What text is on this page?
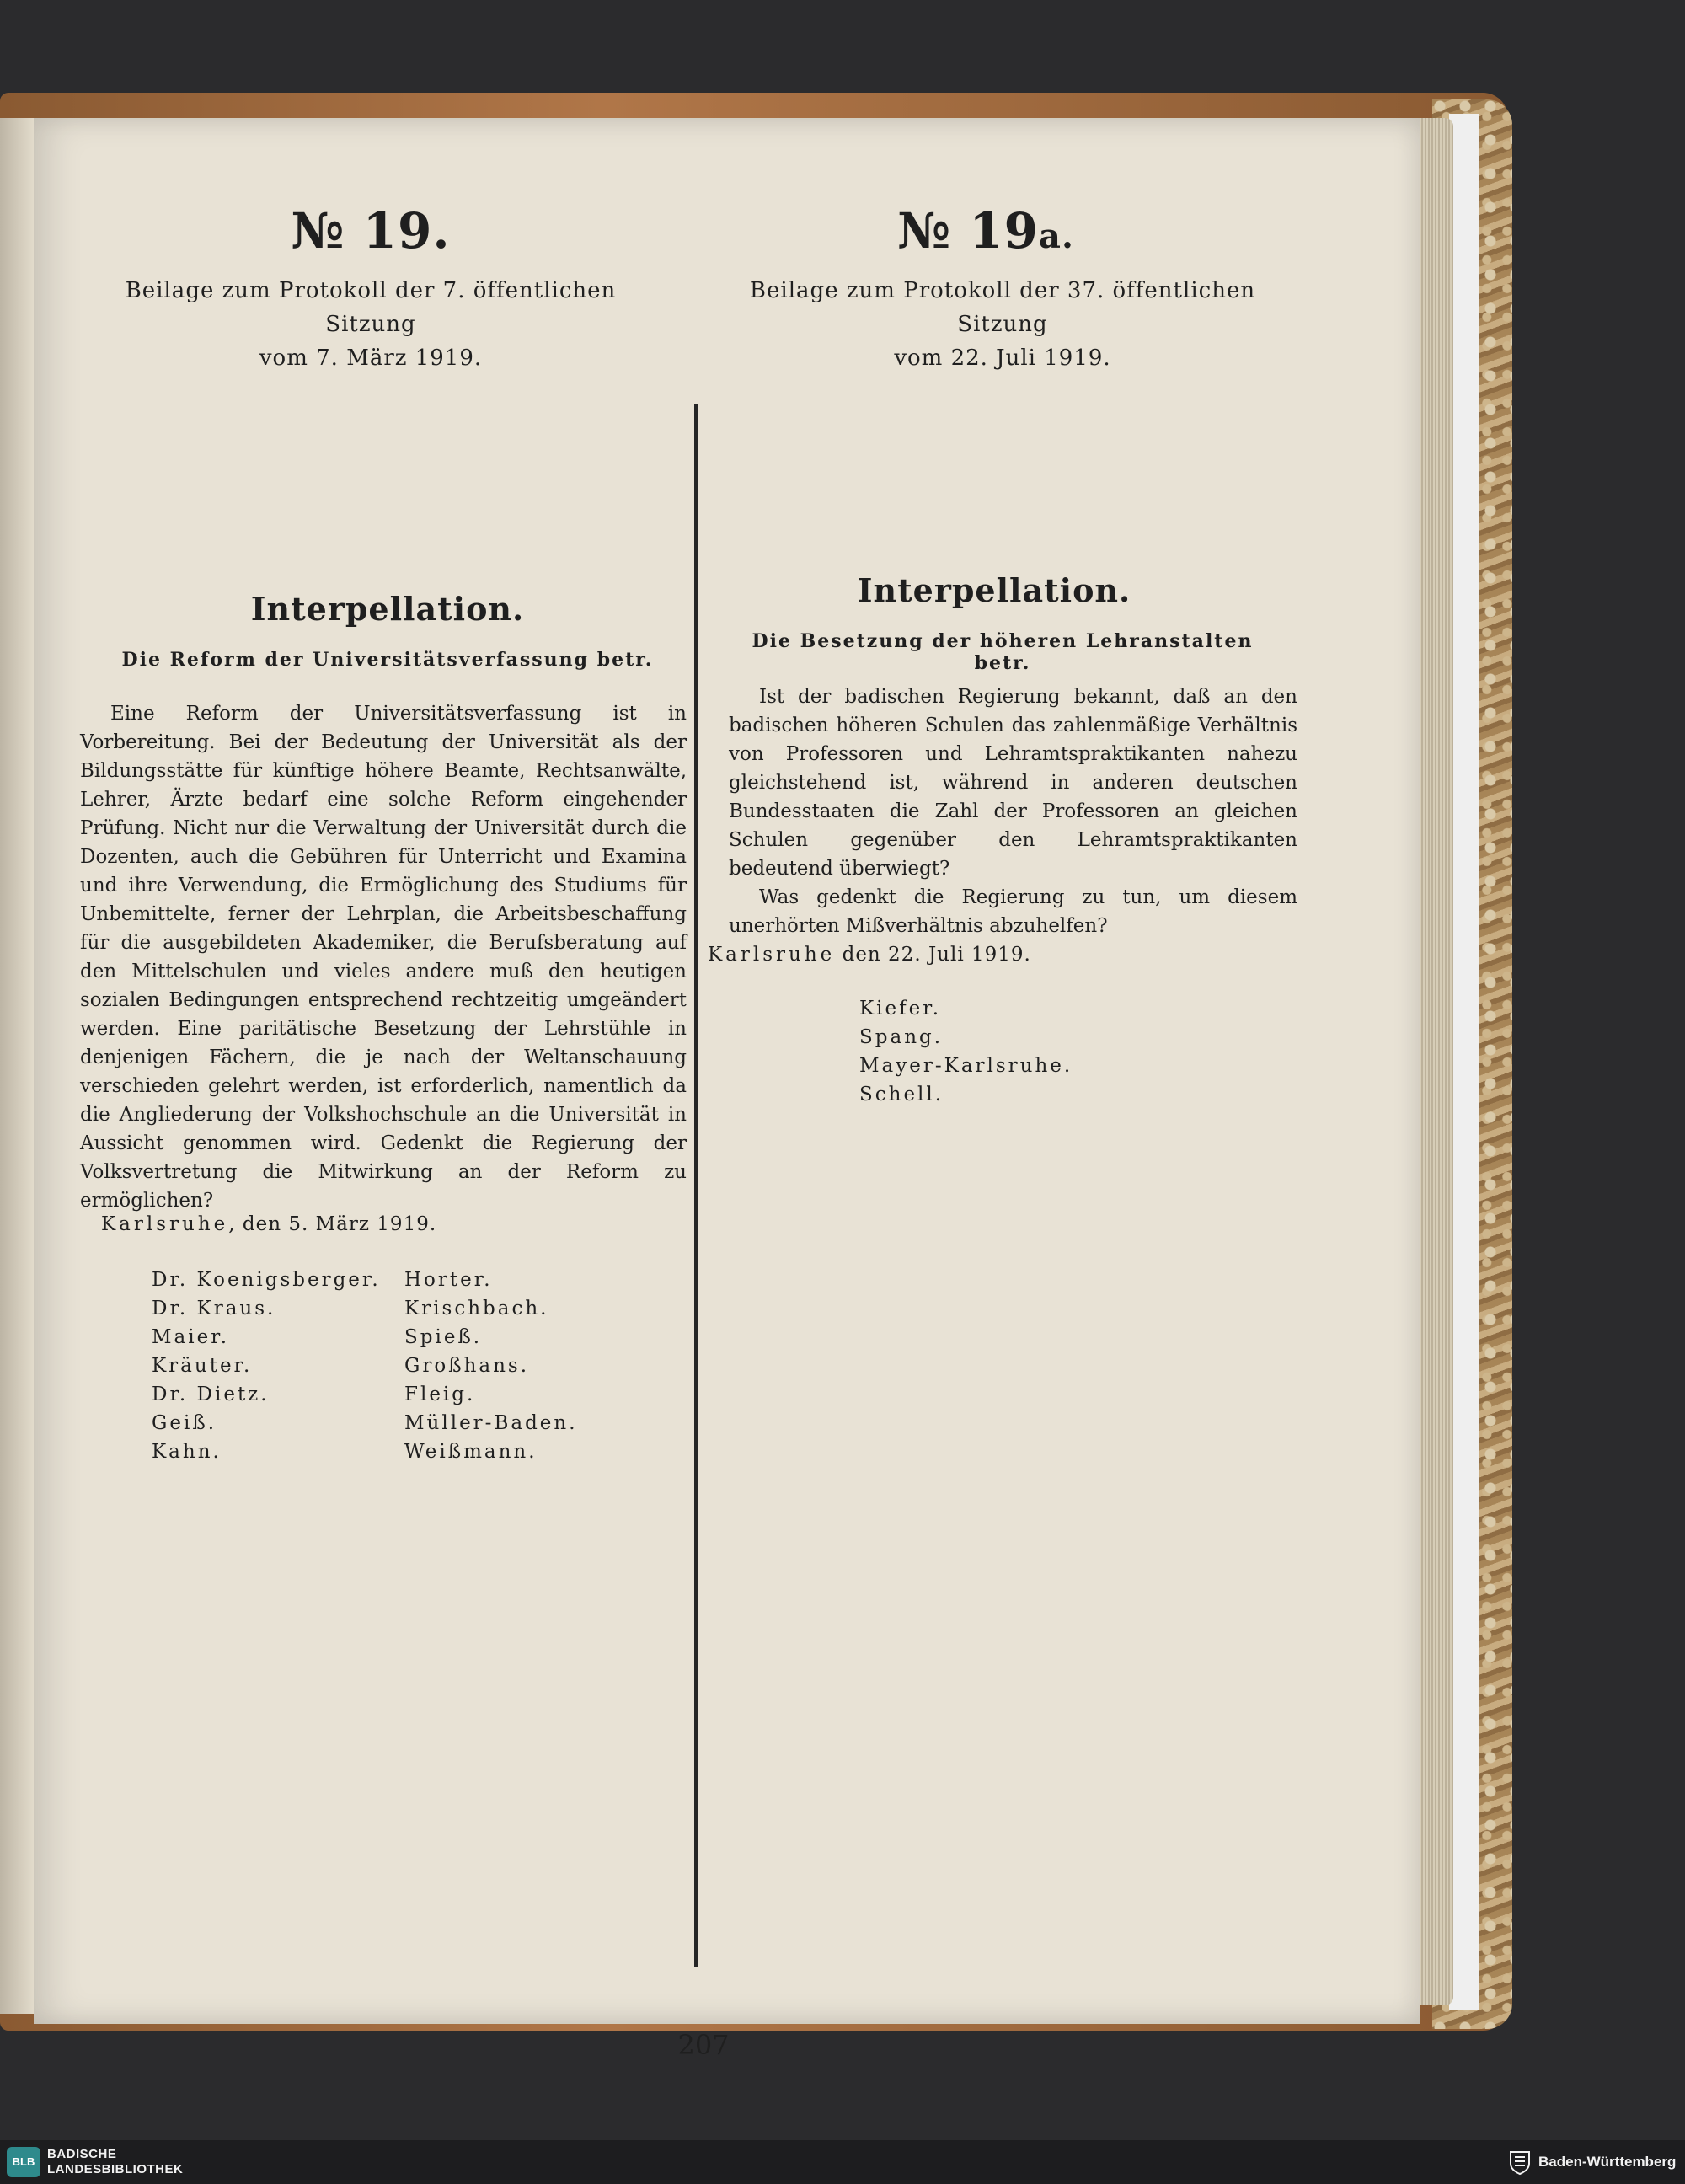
№ 19.
Beilage zum Protokoll der 7. öffentlichen Sitzung
vom 7. März 1919.
Interpellation.
Die Reform der Universitätsverfassung betr.

Eine Reform der Universitätsverfassung ist in Vorbereitung. Bei der Bedeutung der Universität als der Bildungsstätte für künftige höhere Beamte, Rechtsanwälte, Lehrer, Ärzte bedarf eine solche Reform eingehender Prüfung. Nicht nur die Verwaltung der Universität durch die Dozenten, auch die Gebühren für Unterricht und Examina und ihre Verwendung, die Ermöglichung des Studiums für Unbemittelte, ferner der Lehrplan, die Arbeitsbeschaffung für die ausgebildeten Akademiker, die Berufsberatung auf den Mittelschulen und vieles andere muß den heutigen sozialen Bedingungen entsprechend rechtzeitig umgeändert werden. Eine paritätische Besetzung der Lehrstühle in denjenigen Fächern, die je nach der Weltanschauung verschieden gelehrt werden, ist erforderlich, namentlich da die Angliederung der Volkshochschule an die Universität in Aussicht genommen wird. Gedenkt die Regierung der Volksvertretung die Mitwirkung an der Reform zu ermöglichen?

Karlsruhe, den 5. März 1919.
Dr. Koenigsberger.
Dr. Kraus.
Maier.
Kräuter.
Dr. Dietz.
Geiß.
Kahn.
Horter.
Krischbach.
Spieß.
Großhans.
Fleig.
Müller-Baden.
Weißmann.
№ 19a.
Beilage zum Protokoll der 37. öffentlichen Sitzung
vom 22. Juli 1919.
Interpellation.
Die Besetzung der höheren Lehranstalten betr.

Ist der badischen Regierung bekannt, daß an den badischen höheren Schulen das zahlenmäßige Verhältnis von Professoren und Lehramtspraktikanten nahezu gleichstehend ist, während in anderen deutschen Bundesstaaten die Zahl der Professoren an gleichen Schulen gegenüber den Lehramtspraktikanten bedeutend überwiegt?

Was gedenkt die Regierung zu tun, um diesem unerhörten Mißverhältnis abzuhelfen?

Karlsruhe den 22. Juli 1919.
Kiefer.
Spang.
Mayer-Karlsruhe.
Schell.
207
BLB
BADISCHE
LANDESBIBLIOTHEK	Baden-Württemberg
